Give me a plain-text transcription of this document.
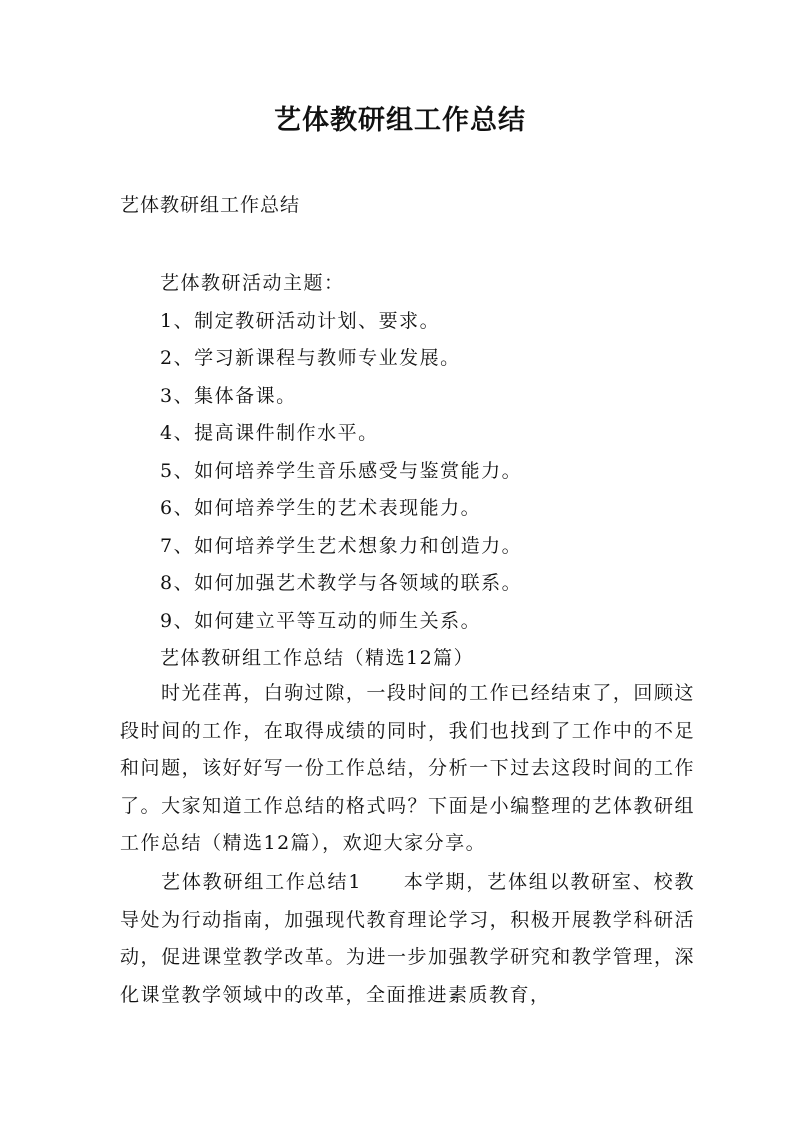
艺体教研组工作总结
艺体教研组工作总结
艺体教研活动主题：
1、制定教研活动计划、要求。
2、学习新课程与教师专业发展。
3、集体备课。
4、提高课件制作水平。
5、如何培养学生音乐感受与鉴赏能力。
6、如何培养学生的艺术表现能力。
7、如何培养学生艺术想象力和创造力。
8、如何加强艺术教学与各领域的联系。
9、如何建立平等互动的师生关系。
艺体教研组工作总结（精选12篇）

时光荏苒，白驹过隙，一段时间的工作已经结束了，回顾这段时间的工作，在取得成绩的同时，我们也找到了工作中的不足和问题，该好好写一份工作总结，分析一下过去这段时间的工作了。大家知道工作总结的格式吗？下面是小编整理的艺体教研组工作总结（精选12篇），欢迎大家分享。

艺体教研组工作总结1　　本学期，艺体组以教研室、校教导处为行动指南，加强现代教育理论学习，积极开展教学科研活动，促进课堂教学改革。为进一步加强教学研究和教学管理，深化课堂教学领域中的改革，全面推进素质教育，
